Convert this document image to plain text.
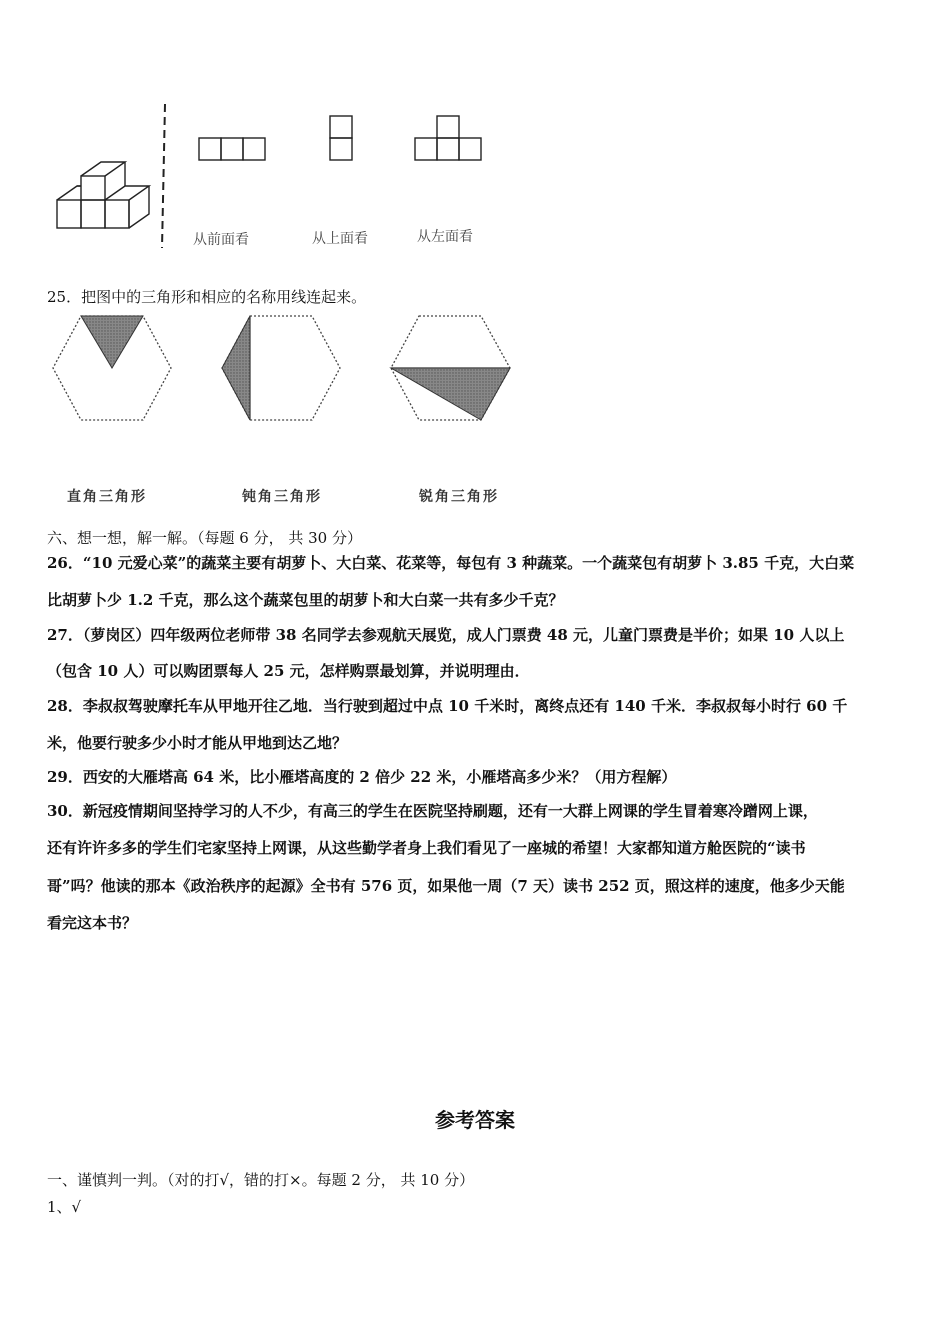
从前面看	从上面看	从左面看
25．把图中的三角形和相应的名称用线连起来。
直角三角形	钝角三角形	锐角三角形
六、想一想，解一解。（每题 6 分， 共 30 分）
26．“10 元爱心菜”的蔬菜主要有胡萝卜、大白菜、花菜等，每包有 3 种蔬菜。一个蔬菜包有胡萝卜 3.85 千克，大白菜
比胡萝卜少 1.2 千克，那么这个蔬菜包里的胡萝卜和大白菜一共有多少千克？
27．（萝岗区）四年级两位老师带 38 名同学去参观航天展览，成人门票费 48 元，儿童门票费是半价；如果 10 人以上
（包含 10 人）可以购团票每人 25 元，怎样购票最划算，并说明理由．
28．李叔叔驾驶摩托车从甲地开往乙地．当行驶到超过中点 10 千米时，离终点还有 140 千米．李叔叔每小时行 60 千
米，他要行驶多少小时才能从甲地到达乙地？
29．西安的大雁塔高 64 米，比小雁塔高度的 2 倍少 22 米，小雁塔高多少米？（用方程解）
30．新冠疫情期间坚持学习的人不少，有高三的学生在医院坚持刷题，还有一大群上网课的学生冒着寒冷蹭网上课，
还有许许多多的学生们宅家坚持上网课，从这些勤学者身上我们看见了一座城的希望！大家都知道方舱医院的“读书
哥”吗？他读的那本《政治秩序的起源》全书有 576 页，如果他一周（7 天）读书 252 页，照这样的速度，他多少天能
看完这本书？
参考答案
一、谨慎判一判。（对的打√，错的打×。每题 2 分， 共 10 分）
1、√
